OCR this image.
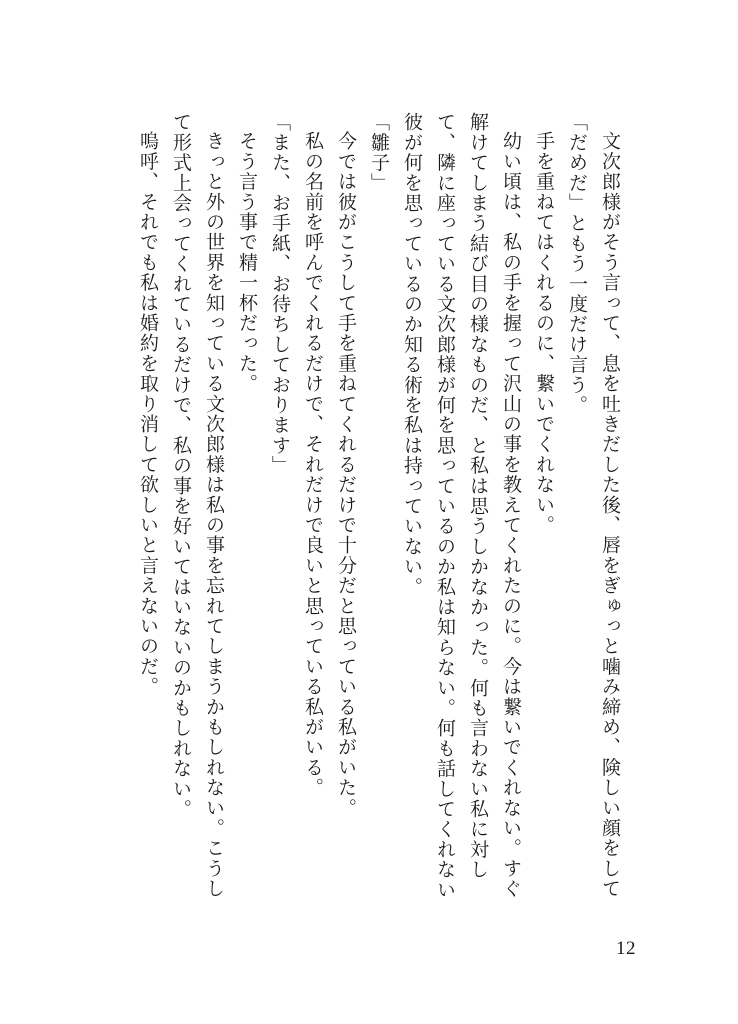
文次郎様がそう言って、息を吐きだした後、唇をぎゅっと噛み締め、険しい顔をして「だめだ」ともう一度だけ言う。

手を重ねてはくれるのに、繋いでくれない。

幼い頃は、私の手を握って沢山の事を教えてくれたのに。今は繋いでくれない。すぐ解けてしまう結び目の様なものだ、と私は思うしかなかった。何も言わない私に対して、隣に座っている文次郎様が何を思っているのか私は知らない。何も話してくれない彼が何を思っているのか知る術を私は持っていない。

「雛子」

今では彼がこうして手を重ねてくれるだけで十分だと思っている私がいた。

私の名前を呼んでくれるだけで、それだけで良いと思っている私がいる。

「また、お手紙、お待ちしております」

そう言う事で精一杯だった。

きっと外の世界を知っている文次郎様は私の事を忘れてしまうかもしれない。こうして形式上会ってくれているだけで、私の事を好いてはいないのかもしれない。

嗚呼、それでも私は婚約を取り消して欲しいと言えないのだ。

12
